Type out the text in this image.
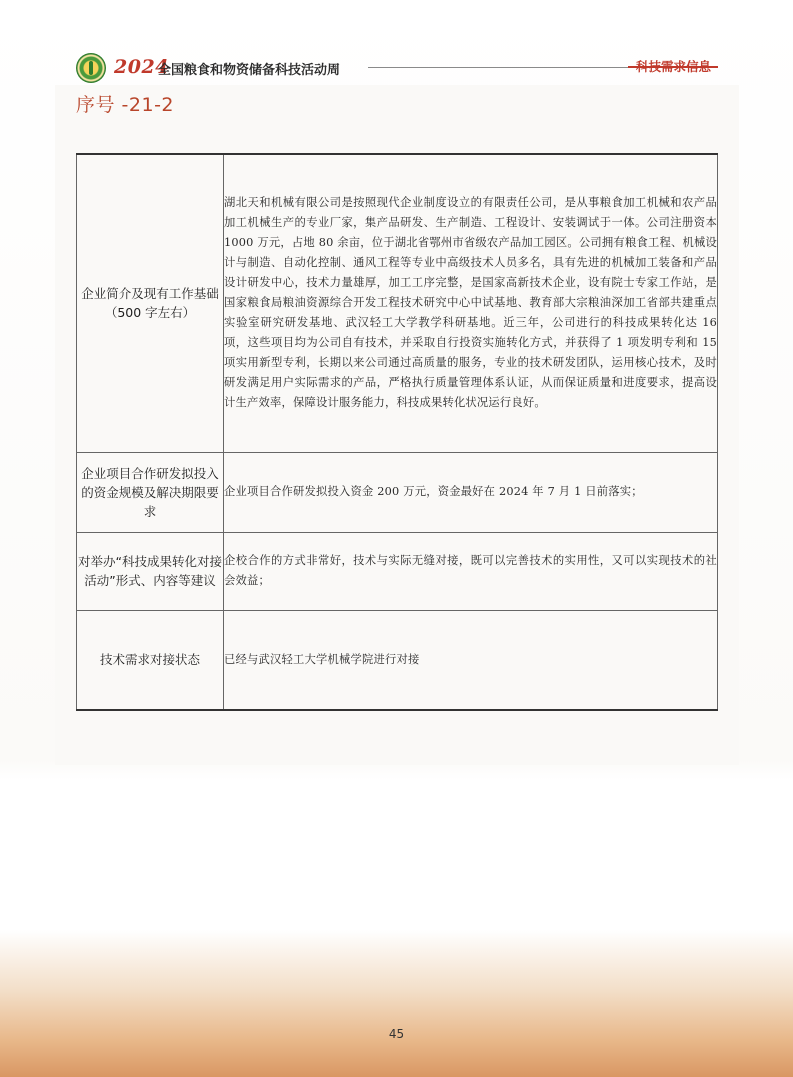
2024
全国粮食和物资储备科技活动周	科技需求信息
序号 -21-2
企业简介及现有工作基础（500 字左右）	湖北天和机械有限公司是按照现代企业制度设立的有限责任公司，是从事粮食加工机械和农产品加工机械生产的专业厂家，集产品研发、生产制造、工程设计、安装调试于一体。公司注册资本 1000 万元，占地 80 余亩，位于湖北省鄂州市省级农产品加工园区。公司拥有粮食工程、机械设计与制造、自动化控制、通风工程等专业中高级技术人员多名，具有先进的机械加工装备和产品设计研发中心，技术力量雄厚，加工工序完整，是国家高新技术企业，设有院士专家工作站，是国家粮食局粮油资源综合开发工程技术研究中心中试基地、教育部大宗粮油深加工省部共建重点实验室研究研发基地、武汉轻工大学教学科研基地。近三年，公司进行的科技成果转化达 16 项，这些项目均为公司自有技术，并采取自行投资实施转化方式，并获得了 1 项发明专利和 15 项实用新型专利，长期以来公司通过高质量的服务，专业的技术研发团队，运用核心技术，及时研发满足用户实际需求的产品，严格执行质量管理体系认证，从而保证质量和进度要求，提高设计生产效率，保障设计服务能力，科技成果转化状况运行良好。
企业项目合作研发拟投入的资金规模及解决期限要求	企业项目合作研发拟投入资金 200 万元，资金最好在 2024 年 7 月 1 日前落实；
对举办“科技成果转化对接活动”形式、内容等建议	企校合作的方式非常好，技术与实际无缝对接，既可以完善技术的实用性，又可以实现技术的社会效益；
技术需求对接状态	已经与武汉轻工大学机械学院进行对接
45
